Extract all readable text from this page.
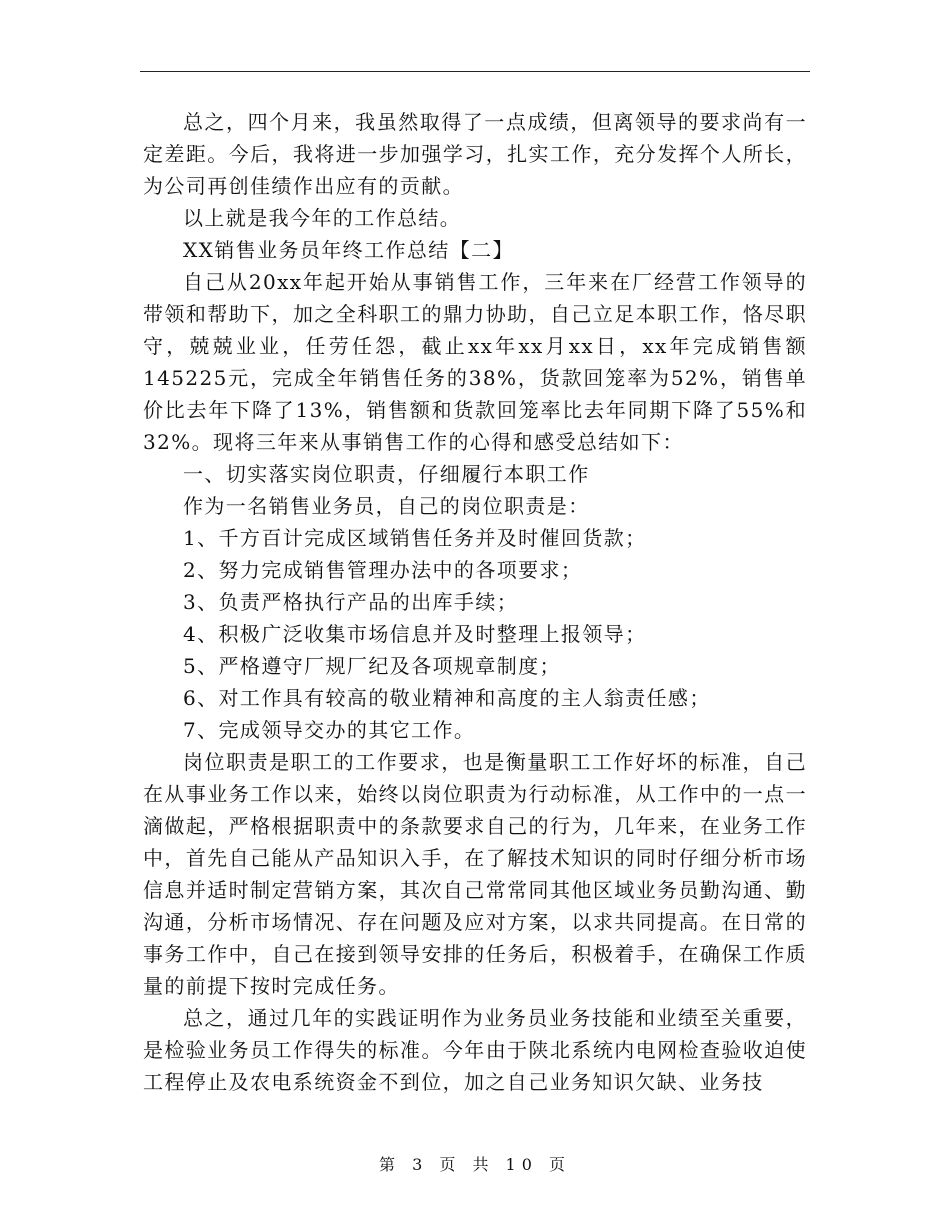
总之，四个月来，我虽然取得了一点成绩，但离领导的要求尚有一定差距。今后，我将进一步加强学习，扎实工作，充分发挥个人所长，为公司再创佳绩作出应有的贡献。

以上就是我今年的工作总结。

XX销售业务员年终工作总结【二】

自己从20xx年起开始从事销售工作，三年来在厂经营工作领导的带领和帮助下，加之全科职工的鼎力协助，自己立足本职工作，恪尽职守，兢兢业业，任劳任怨，截止xx年xx月xx日，xx年完成销售额145225元，完成全年销售任务的38%，货款回笼率为52%，销售单价比去年下降了13%，销售额和货款回笼率比去年同期下降了55%和32%。现将三年来从事销售工作的心得和感受总结如下：

一、切实落实岗位职责，仔细履行本职工作

作为一名销售业务员，自己的岗位职责是：

1、千方百计完成区域销售任务并及时催回货款；

2、努力完成销售管理办法中的各项要求；

3、负责严格执行产品的出库手续；

4、积极广泛收集市场信息并及时整理上报领导；

5、严格遵守厂规厂纪及各项规章制度；

6、对工作具有较高的敬业精神和高度的主人翁责任感；

7、完成领导交办的其它工作。

岗位职责是职工的工作要求，也是衡量职工工作好坏的标准，自己在从事业务工作以来，始终以岗位职责为行动标准，从工作中的一点一滴做起，严格根据职责中的条款要求自己的行为，几年来，在业务工作中，首先自己能从产品知识入手，在了解技术知识的同时仔细分析市场信息并适时制定营销方案，其次自己常常同其他区域业务员勤沟通、勤沟通，分析市场情况、存在问题及应对方案，以求共同提高。在日常的事务工作中，自己在接到领导安排的任务后，积极着手，在确保工作质量的前提下按时完成任务。

总之，通过几年的实践证明作为业务员业务技能和业绩至关重要，是检验业务员工作得失的标准。今年由于陕北系统内电网检查验收迫使工程停止及农电系统资金不到位，加之自己业务知识欠缺、业务技

第 3 页 共 10 页
